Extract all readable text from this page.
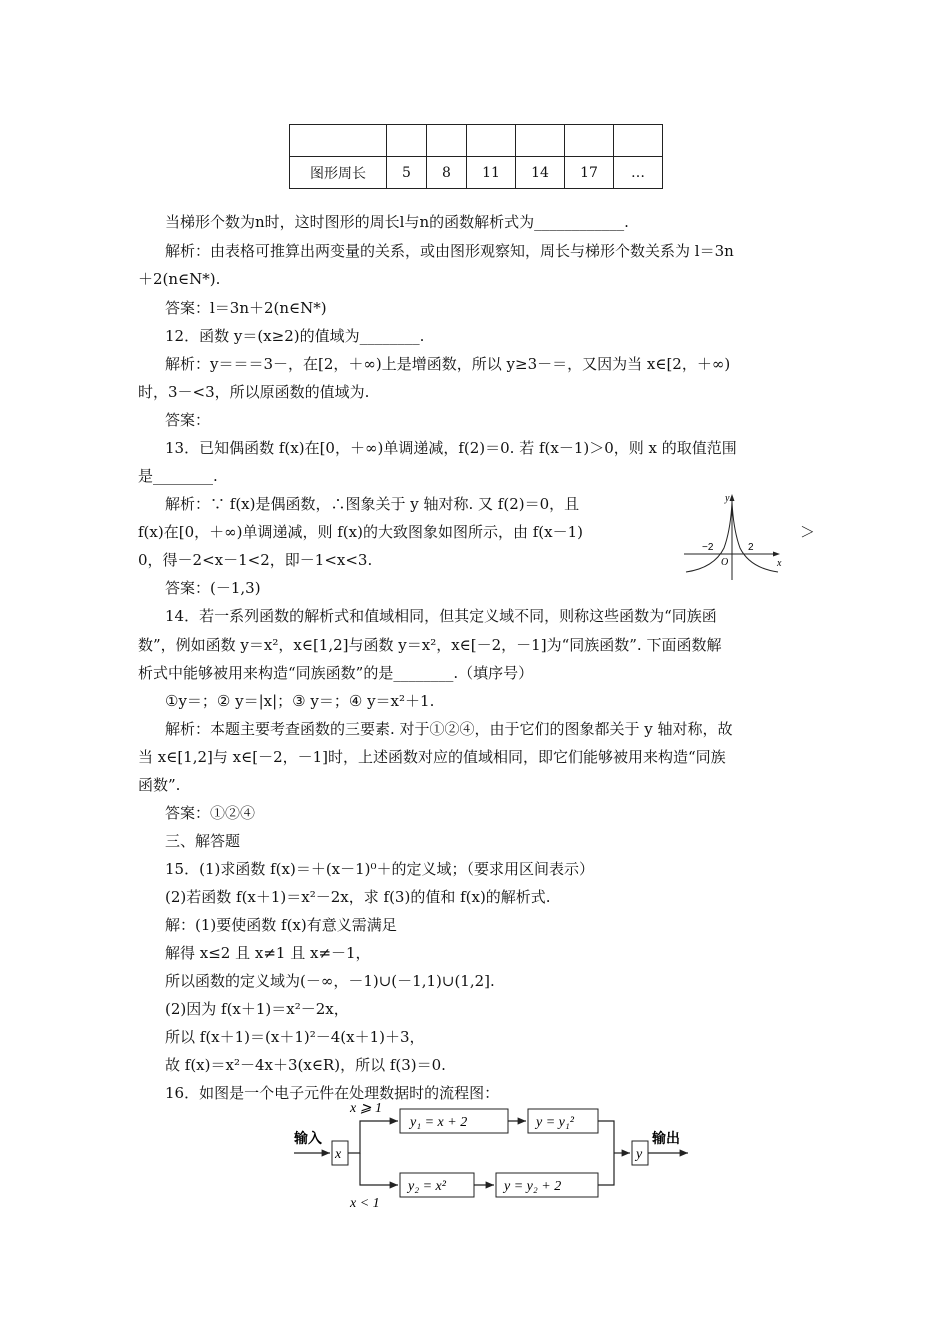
图形周长	5	8	11	14	17	…
当梯形个数为n时，这时图形的周长l与n的函数解析式为____________.
解析：由表格可推算出两变量的关系，或由图形观察知，周长与梯形个数关系为 l＝3n
＋2(n∈N*).
答案：l＝3n＋2(n∈N*)
12．函数 y＝(x≥2)的值域为________.
解析：y＝＝＝3－，在[2，＋∞)上是增函数，所以 y≥3－＝，又因为当 x∈[2，＋∞)
时，3－<3，所以原函数的值域为.
答案：
13．已知偶函数 f(x)在[0，＋∞)单调递减，f(2)＝0. 若 f(x－1)＞0，则 x 的取值范围
是________.
解析：∵ f(x)是偶函数，∴图象关于 y 轴对称. 又 f(2)＝0，且
f(x)在[0，＋∞)单调递减，则 f(x)的大致图象如图所示，由 f(x－1)	＞
0，得－2<x－1<2，即－1<x<3.
答案：(－1,3)
y
x
O
−2	2
14．若一系列函数的解析式和值域相同，但其定义域不同，则称这些函数为“同族函
数”，例如函数 y＝x²，x∈[1,2]与函数 y＝x²，x∈[－2，－1]为“同族函数”. 下面函数解
析式中能够被用来构造“同族函数”的是________.（填序号）
①y＝；② y＝|x|；③ y＝；④ y＝x²＋1.
解析：本题主要考查函数的三要素. 对于①②④，由于它们的图象都关于 y 轴对称，故
当 x∈[1,2]与 x∈[－2，－1]时，上述函数对应的值域相同，即它们能够被用来构造“同族
函数”.
答案：①②④
三、解答题
15．(1)求函数 f(x)＝＋(x－1)⁰＋的定义域；（要求用区间表示）
(2)若函数 f(x＋1)＝x²－2x，求 f(3)的值和 f(x)的解析式.
解：(1)要使函数 f(x)有意义需满足
解得 x≤2 且 x≠1 且 x≠－1，
所以函数的定义域为(－∞，－1)∪(－1,1)∪(1,2].
(2)因为 f(x＋1)＝x²－2x，
所以 f(x＋1)＝(x＋1)²－4(x＋1)＋3，
故 f(x)＝x²－4x＋3(x∈R)，所以 f(3)＝0.
16．如图是一个电子元件在处理数据时的流程图：
输入
x
x ⩾ 1
x < 1
y₁ = x + 2	y = y₁²
y₂ = x²	y = y₂ + 2
y
输出
